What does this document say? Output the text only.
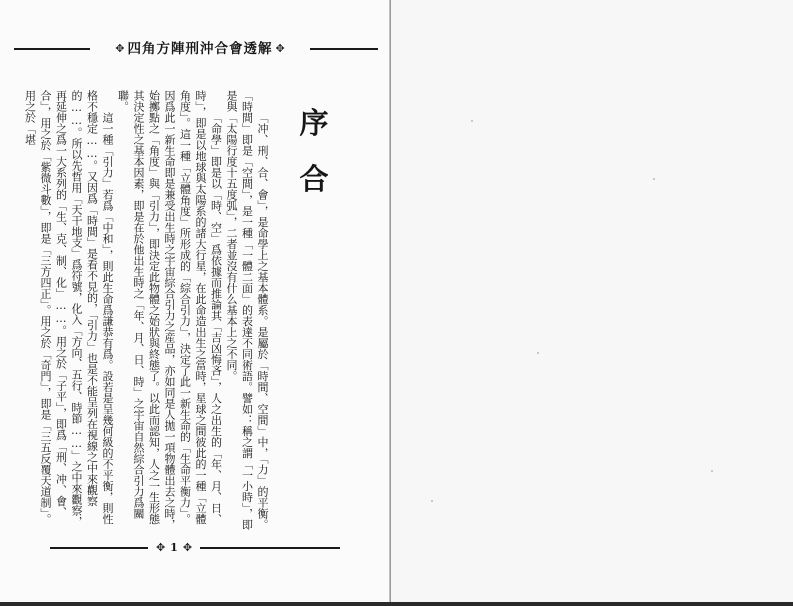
✥ 四角方陣刑沖合會透解 ✥
序
合

「冲、刑、合、會」，是命學上之基本體系。是屬於「時間、空間」中，「力」的平衡。「時間」即是「空間」，是一種「一體二面」的表達不同術語。譬如：稱之謂「一小時」，即是與「太陽行度十五度弧」，二者並沒有什么基本上之不同。

「命學」即是以「時、空」爲依據而推論其「吉凶悔吝」，人之出生的「年、月、日、時」，即是以地球與太陽系的諸大行星，在此命造出生之當時，星球之間彼此的一種「立體角度」。這一種「立體角度」所形成的「綜合引力」，決定了此一新生命的「生命平衡力」。因爲此一新生命即是兼受出生時之宇宙綜合引力之産品，亦如同是人拋一項物體出去之時，始擲點之「角度」與「引力」，即決定此物體之始狀與終態了。以此而認知，人之一生形態其決定性之基本因素，即是在於他出生時之「年、月、日、時」之宇宙自然綜合引力爲關聯。

這一種「引力」若爲「中和」，則此生命爲謙恭有爲。設若是呈幾何級的不平衡，則性格不穩定……。又因爲「時間」是看不見的，「引力」也是不能呈列在視線之中來觀察的……。所以先哲用「天干地支」爲符號，化入「方向、五行、時節……」之中來觀察，再延伸之爲一大系列的「生、克、制、化」……。用之於「子平」，即爲「刑、冲、會、合」，用之於「紫微斗數」，即是「三方四正」。用之於「奇門」，即是「三五反覆天道制」。用之於「堪

✥ 1 ✥
